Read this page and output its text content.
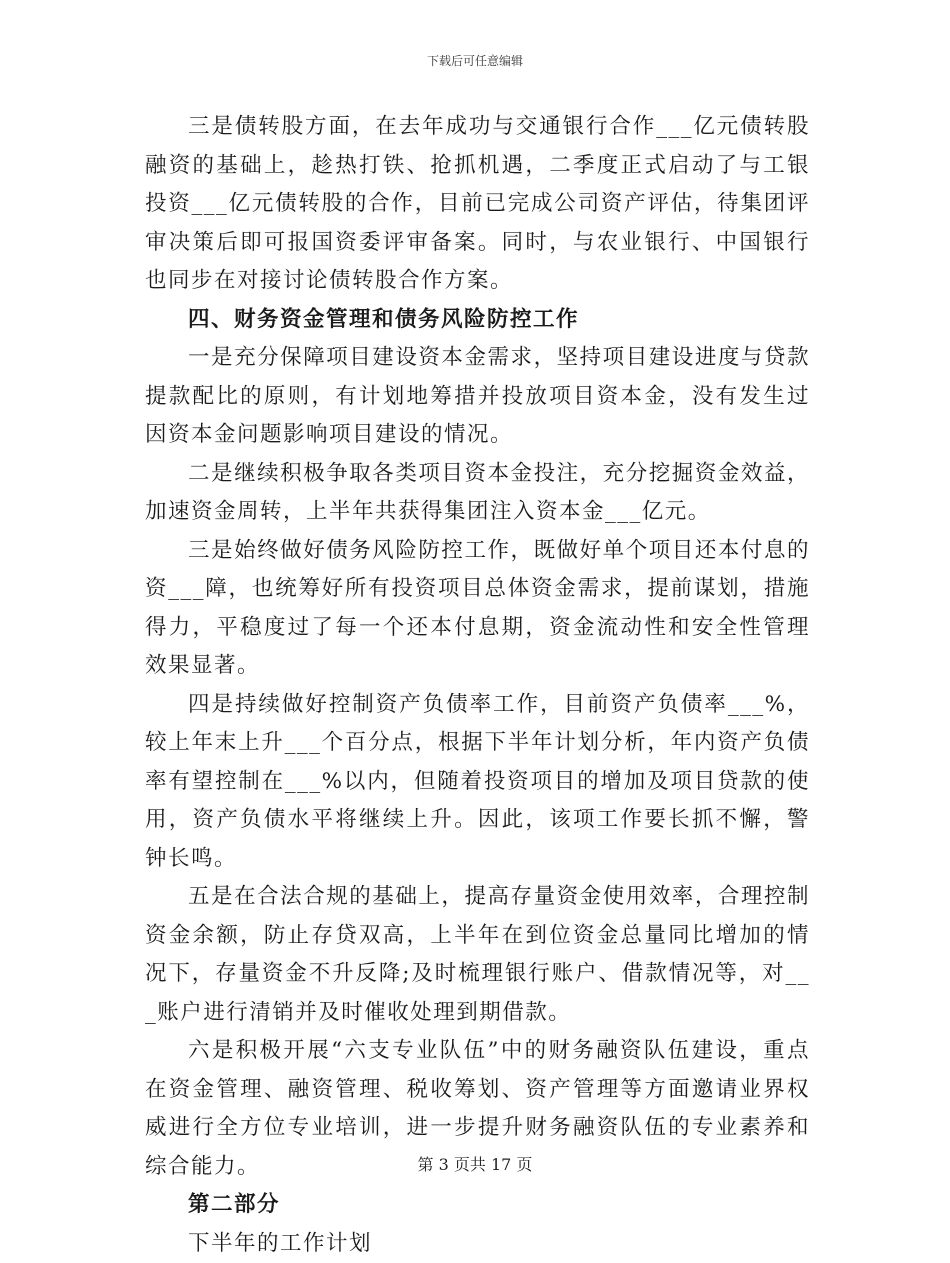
下载后可任意编辑

三是债转股方面，在去年成功与交通银行合作___亿元债转股融资的基础上，趁热打铁、抢抓机遇，二季度正式启动了与工银投资___亿元债转股的合作，目前已完成公司资产评估，待集团评审决策后即可报国资委评审备案。同时，与农业银行、中国银行也同步在对接讨论债转股合作方案。

四、财务资金管理和债务风险防控工作

一是充分保障项目建设资本金需求，坚持项目建设进度与贷款提款配比的原则，有计划地筹措并投放项目资本金，没有发生过因资本金问题影响项目建设的情况。

二是继续积极争取各类项目资本金投注，充分挖掘资金效益，加速资金周转，上半年共获得集团注入资本金___亿元。

三是始终做好债务风险防控工作，既做好单个项目还本付息的资___障，也统筹好所有投资项目总体资金需求，提前谋划，措施得力，平稳度过了每一个还本付息期，资金流动性和安全性管理效果显著。

四是持续做好控制资产负债率工作，目前资产负债率___%，较上年末上升___个百分点，根据下半年计划分析，年内资产负债率有望控制在___%以内，但随着投资项目的增加及项目贷款的使用，资产负债水平将继续上升。因此，该项工作要长抓不懈，警钟长鸣。

五是在合法合规的基础上，提高存量资金使用效率，合理控制资金余额，防止存贷双高，上半年在到位资金总量同比增加的情况下，存量资金不升反降;及时梳理银行账户、借款情况等，对___账户进行清销并及时催收处理到期借款。

六是积极开展“六支专业队伍”中的财务融资队伍建设，重点在资金管理、融资管理、税收筹划、资产管理等方面邀请业界权威进行全方位专业培训，进一步提升财务融资队伍的专业素养和综合能力。

第二部分

下半年的工作计划

第 3 页共 17 页
